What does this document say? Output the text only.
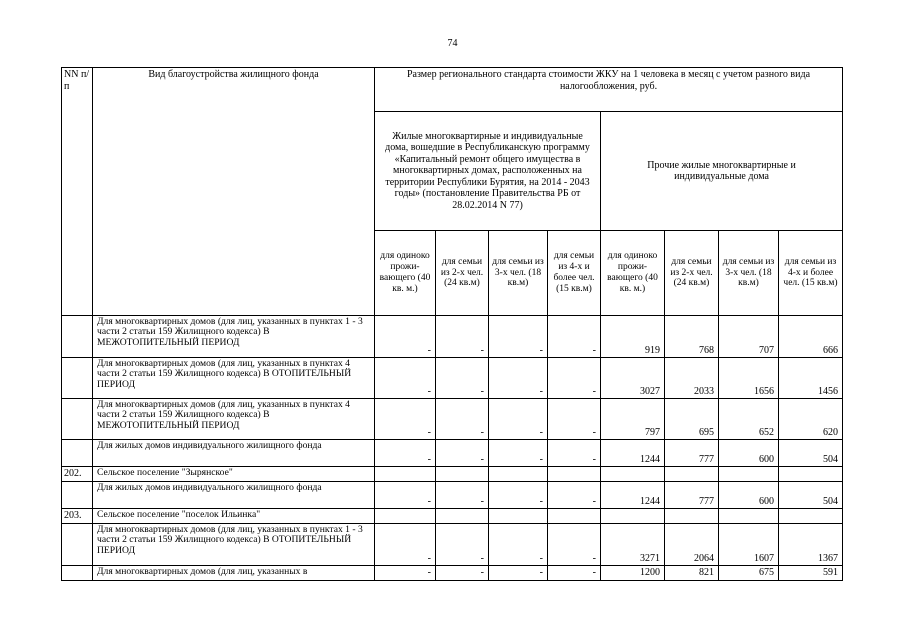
74
NN п/п	Вид благоустройства жилищного фонда	Размер регионального стандарта стоимости ЖКУ на 1 человека в месяц с учетом разного вида налогообложения, руб.							
		Жилые многоквартирные и индивидуальные дома, вошедшие в Республиканскую программу «Капитальный ремонт общего имущества в многоквартирных домах, расположенных на территории Республики Бурятия, на 2014 - 2043 годы» (постановление Правительства РБ от 28.02.2014 N 77)				Прочие жилые многоквартирные и индивидуальные дома			
		для одиноко прожи-вающего (40 кв. м.)	для семьи из 2-х чел. (24 кв.м)	для семьи из 3-х чел. (18 кв.м)	для семьи из 4-х и более чел. (15 кв.м)	для одиноко прожи-вающего (40 кв. м.)	для семьи из 2-х чел. (24 кв.м)	для семьи из 3-х чел. (18 кв.м)	для семьи из 4-х и более чел. (15 кв.м)
	Для многоквартирных домов (для лиц, указанных в пунктах 1 - 3 части 2 статьи 159 Жилищного кодекса) В МЕЖОТОПИТЕЛЬНЫЙ ПЕРИОД	-	-	-	-	919	768	707	666
	Для многоквартирных домов (для лиц, указанных в пунктах 4 части 2 статьи 159 Жилищного кодекса) В ОТОПИТЕЛЬНЫЙ ПЕРИОД	-	-	-	-	3027	2033	1656	1456
	Для многоквартирных домов (для лиц, указанных в пунктах 4 части 2 статьи 159 Жилищного кодекса) В МЕЖОТОПИТЕЛЬНЫЙ ПЕРИОД	-	-	-	-	797	695	652	620
	Для жилых домов индивидуального жилищного фонда	-	-	-	-	1244	777	600	504
202.	Сельское поселение "Зырянское"								
	Для жилых домов индивидуального жилищного фонда	-	-	-	-	1244	777	600	504
203.	Сельское поселение "поселок Ильинка"								
	Для многоквартирных домов (для лиц, указанных в пунктах 1 - 3 части 2 статьи 159 Жилищного кодекса) В ОТОПИТЕЛЬНЫЙ ПЕРИОД	-	-	-	-	3271	2064	1607	1367
	Для многоквартирных домов (для лиц, указанных в	-	-	-	-	1200	821	675	591
